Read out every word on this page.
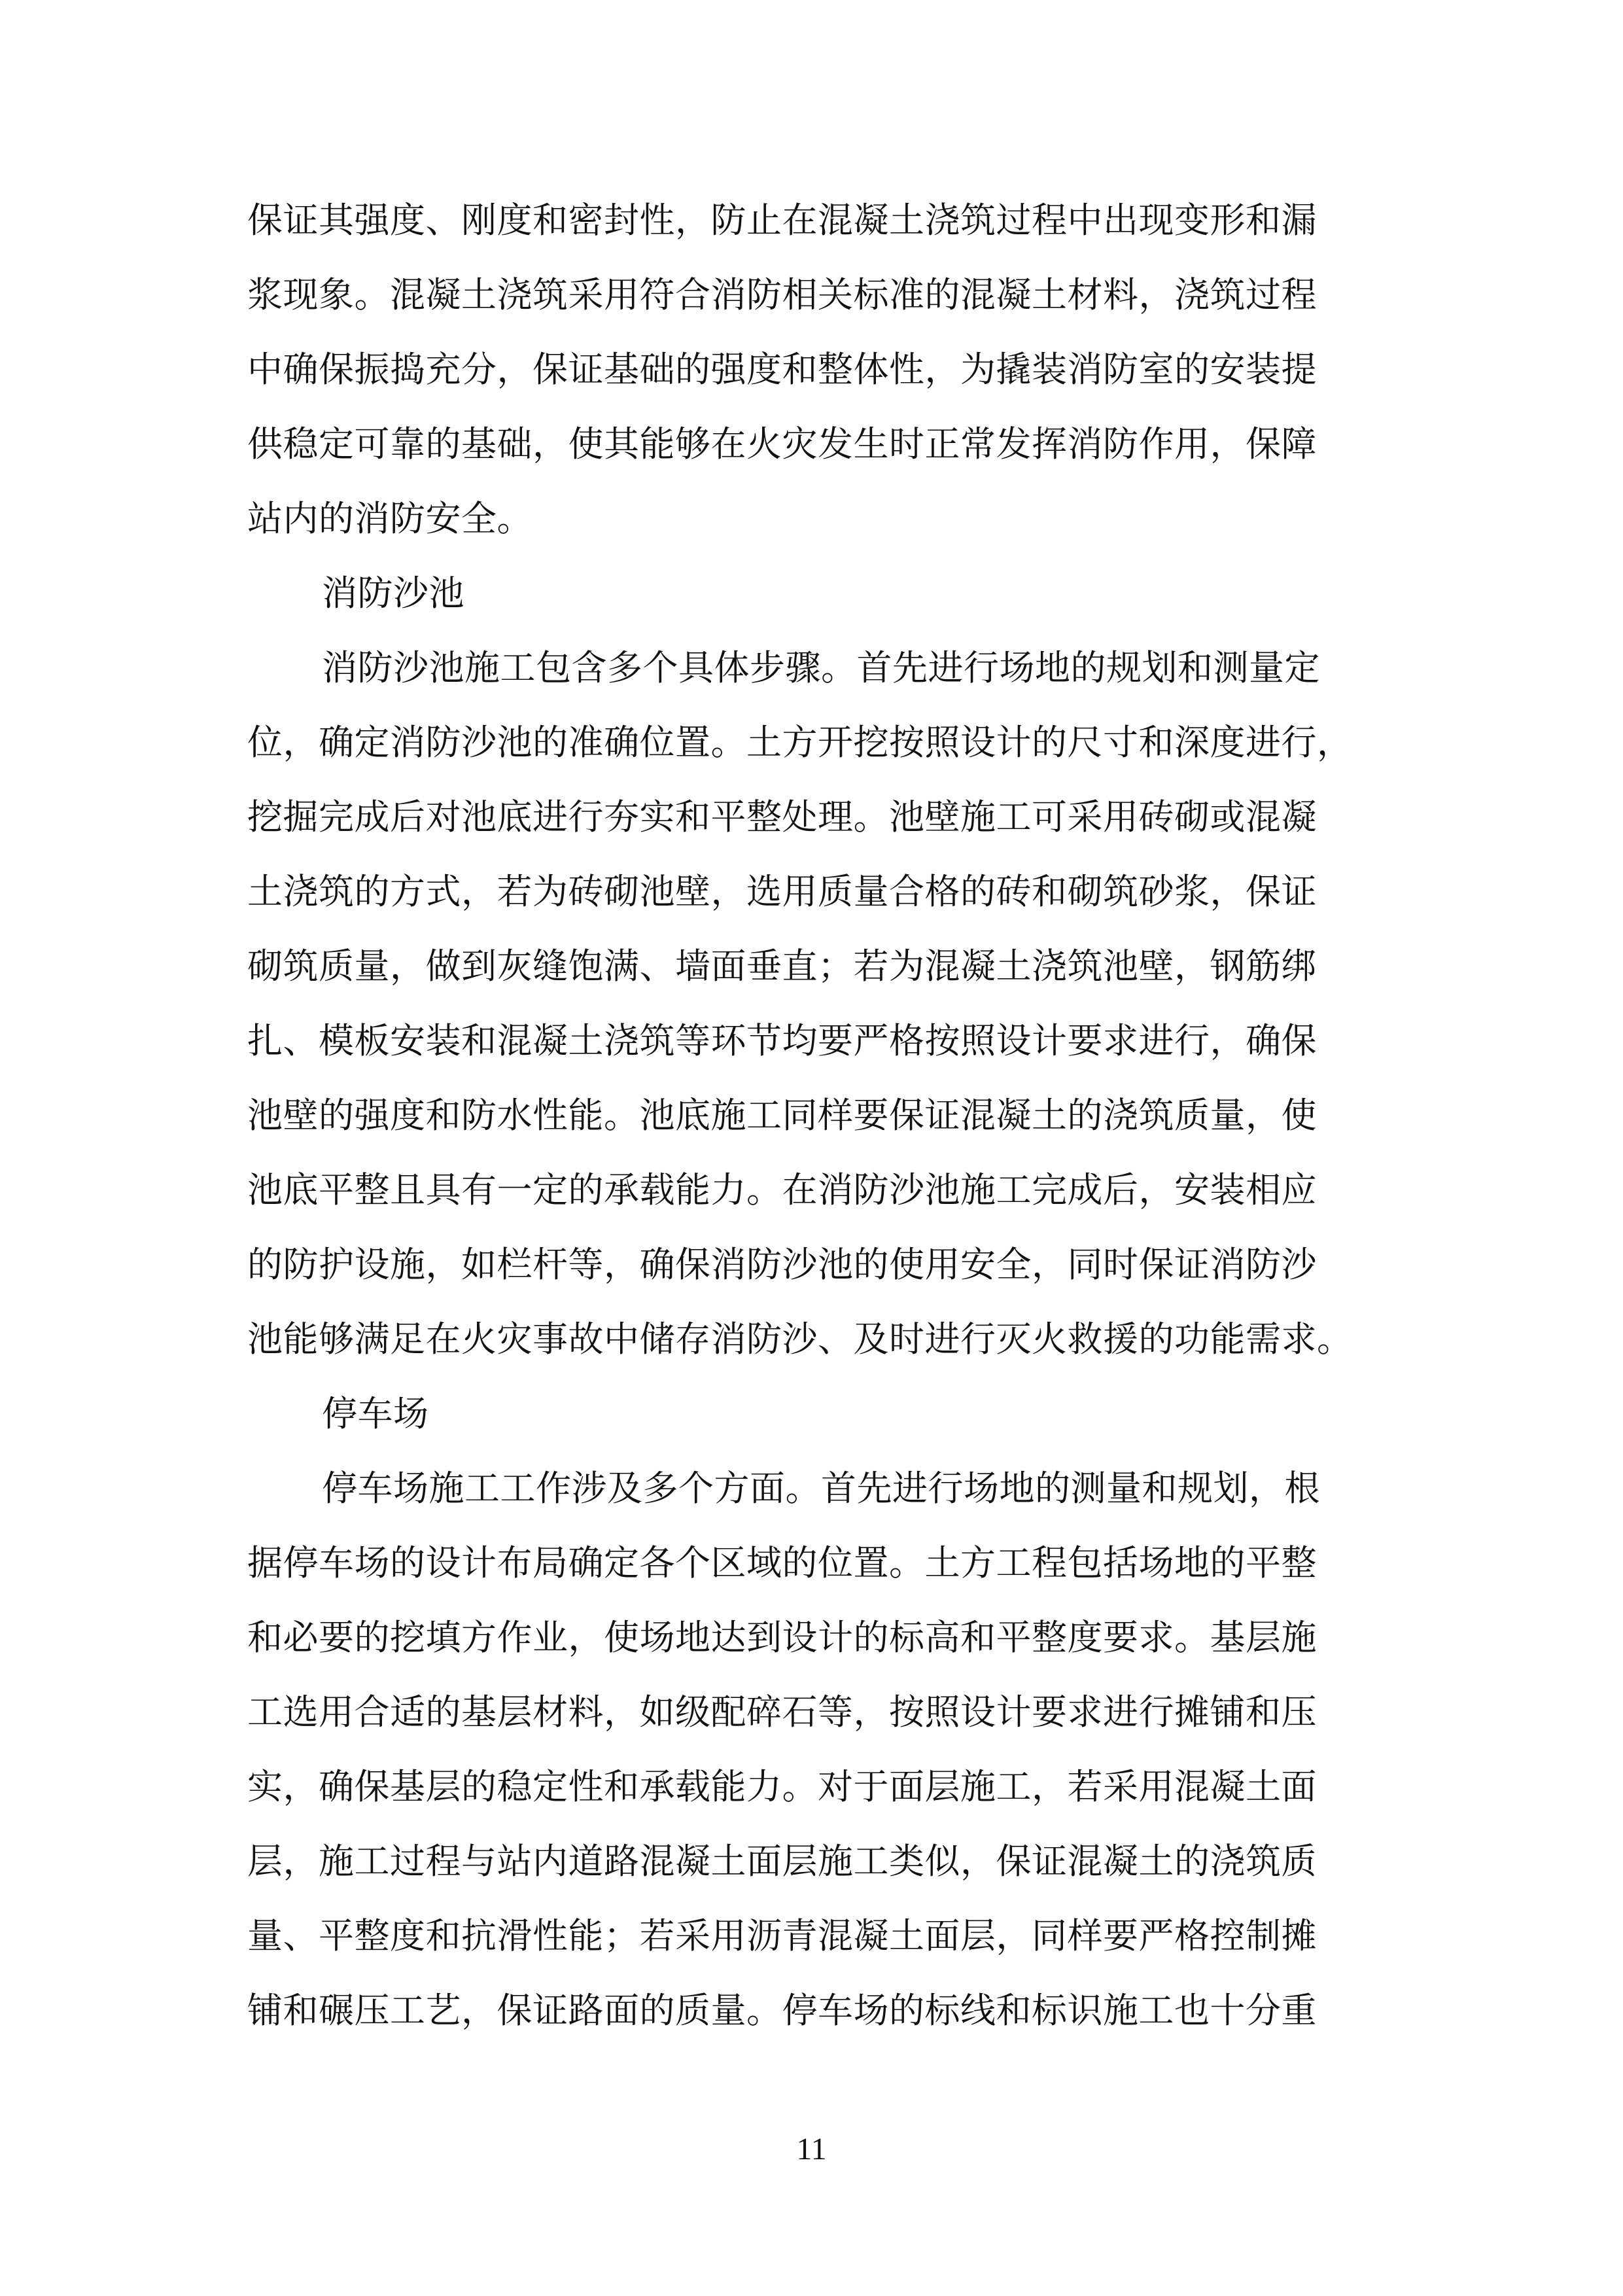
保证其强度、刚度和密封性，防止在混凝土浇筑过程中出现变形和漏
浆现象。混凝土浇筑采用符合消防相关标准的混凝土材料，浇筑过程
中确保振捣充分，保证基础的强度和整体性，为撬装消防室的安装提
供稳定可靠的基础，使其能够在火灾发生时正常发挥消防作用，保障
站内的消防安全。
消防沙池
消防沙池施工包含多个具体步骤。首先进行场地的规划和测量定
位，确定消防沙池的准确位置。土方开挖按照设计的尺寸和深度进行，
挖掘完成后对池底进行夯实和平整处理。池壁施工可采用砖砌或混凝
土浇筑的方式，若为砖砌池壁，选用质量合格的砖和砌筑砂浆，保证
砌筑质量，做到灰缝饱满、墙面垂直；若为混凝土浇筑池壁，钢筋绑
扎、模板安装和混凝土浇筑等环节均要严格按照设计要求进行，确保
池壁的强度和防水性能。池底施工同样要保证混凝土的浇筑质量，使
池底平整且具有一定的承载能力。在消防沙池施工完成后，安装相应
的防护设施，如栏杆等，确保消防沙池的使用安全，同时保证消防沙
池能够满足在火灾事故中储存消防沙、及时进行灭火救援的功能需求。
停车场
停车场施工工作涉及多个方面。首先进行场地的测量和规划，根
据停车场的设计布局确定各个区域的位置。土方工程包括场地的平整
和必要的挖填方作业，使场地达到设计的标高和平整度要求。基层施
工选用合适的基层材料，如级配碎石等，按照设计要求进行摊铺和压
实，确保基层的稳定性和承载能力。对于面层施工，若采用混凝土面
层，施工过程与站内道路混凝土面层施工类似，保证混凝土的浇筑质
量、平整度和抗滑性能；若采用沥青混凝土面层，同样要严格控制摊
铺和碾压工艺，保证路面的质量。停车场的标线和标识施工也十分重
11
